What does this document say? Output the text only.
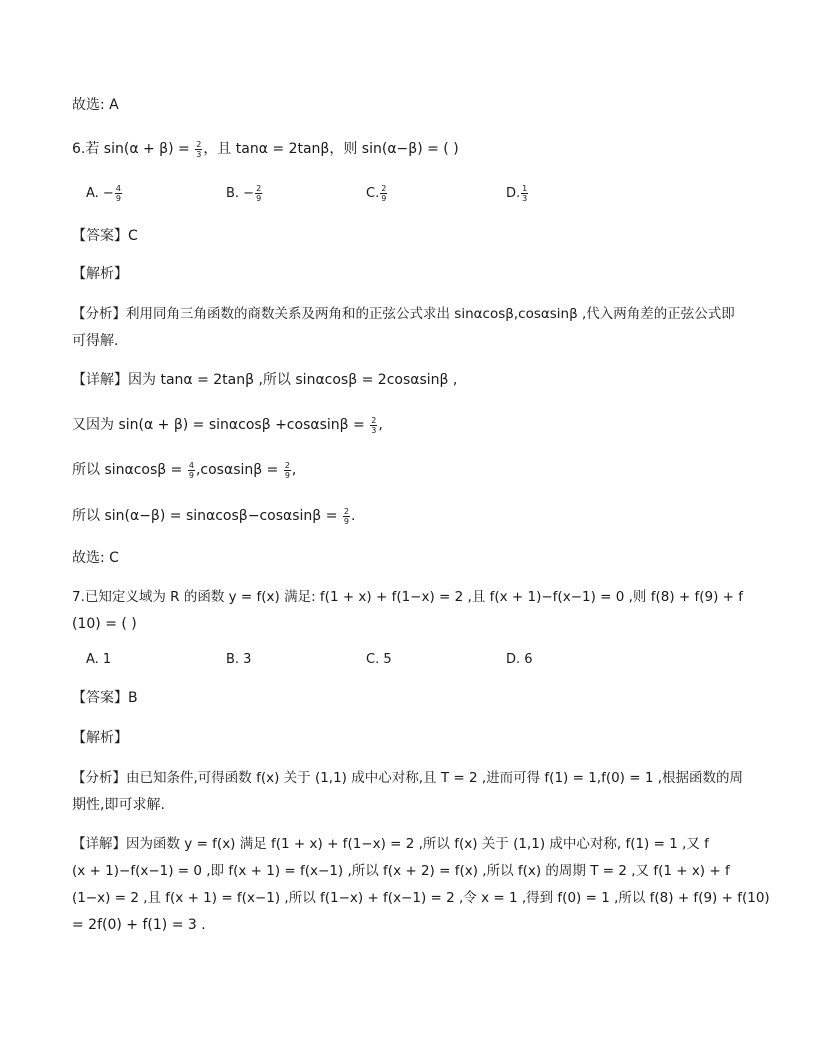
故选: A
6.若 $\sin(\alpha + \beta) = \frac{2}{3}$ ，且 tanα = 2tanβ，则 sin(α−β) = ( )
A. − $\frac{4}{9}$	B. − $\frac{2}{9}$	C. $\frac{2}{9}$	D. $\frac{1}{3}$
【答案】C
【解析】
【分析】利用同角三角函数的商数关系及两角和的正弦公式求出 sinαcosβ,cosαsinβ ,代入两角差的正弦公式即
可得解.
【详解】因为 tanα = 2tanβ ,所以 sinαcosβ = 2cosαsinβ ,
又因为 $\sin(\alpha + \beta) = \sin\alpha\cos\beta +\cos\alpha\sin\beta = \frac{2}{3}$ ,
所以 $\sin\alpha\cos\beta = \frac{4}{9} ,\cos\alpha\sin\beta = \frac{2}{9}$ ,
所以 $\sin(\alpha-\beta) = \sin\alpha\cos\beta-\cos\alpha\sin\beta = \frac{2}{9}$ .
故选: C
7.已知定义域为 R 的函数 y = f(x) 满足: f(1 + x) + f(1−x) = 2 ,且 f(x + 1)−f(x−1) = 0 ,则 f(8) + f(9) + f
(10) = ( )
A. 1	B. 3	C. 5	D. 6
【答案】B
【解析】
【分析】由已知条件,可得函数 f(x) 关于 (1,1) 成中心对称,且 T = 2 ,进而可得 f(1) = 1,f(0) = 1 ,根据函数的周
期性,即可求解.
【详解】因为函数 y = f(x) 满足 f(1 + x) + f(1−x) = 2 ,所以 f(x) 关于 (1,1) 成中心对称, f(1) = 1 ,又 f
(x + 1)−f(x−1) = 0 ,即 f(x + 1) = f(x−1) ,所以 f(x + 2) = f(x) ,所以 f(x) 的周期 T = 2 ,又 f(1 + x) + f
(1−x) = 2 ,且 f(x + 1) = f(x−1) ,所以 f(1−x) + f(x−1) = 2 ,令 x = 1 ,得到 f(0) = 1 ,所以 f(8) + f(9) + f(10)
= 2f(0) + f(1) = 3 .
